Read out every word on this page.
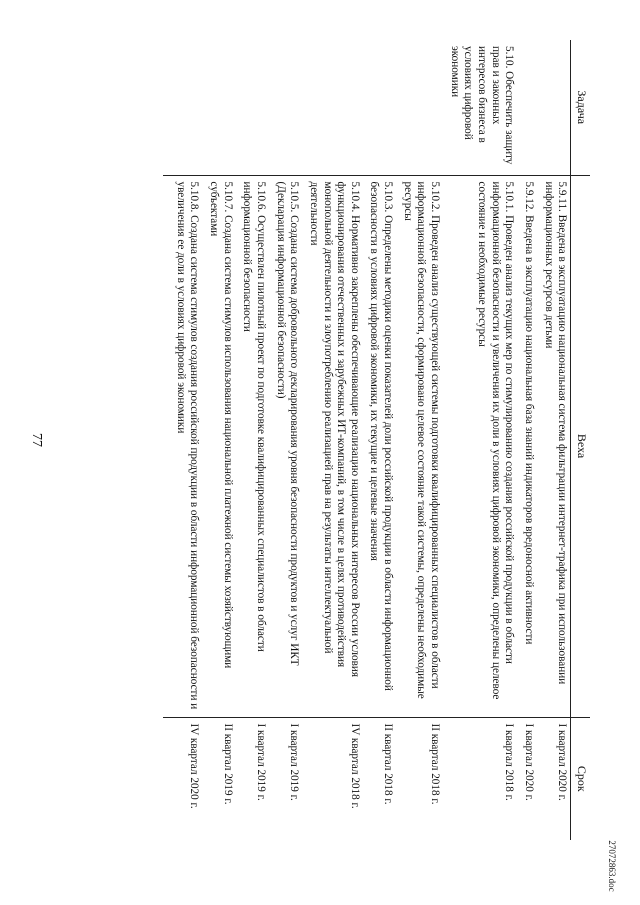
77
27072863.doc
Задача	Веха	Срок
	5.9.11. Введена в эксплуатацию национальная система фильтрации интернет-трафика при использовании информационных ресурсов детьми	I квартал 2020 г.
	5.9.12. Введена в эксплуатацию национальная база знаний индикаторов вредоносной активности	I квартал 2020 г.
5.10. Обеспечить защиту прав и законных интересов бизнеса в условиях цифровой экономики	5.10.1. Проведен анализ текущих мер по стимулированию создания российской продукции в области информационной безопасности и увеличения их доли в условиях цифровой экономики, определены целевое состояние и необходимые ресурсы	I квартал 2018 г.
	5.10.2. Проведен анализ существующей системы подготовки квалифицированных специалистов в области информационной безопасности, сформировано целевое состояние такой системы, определены необходимые ресурсы	II квартал 2018 г.
	5.10.3. Определены методики оценки показателей доли российской продукции в области информационной безопасности в условиях цифровой экономики, их текущие и целевые значения	II квартал 2018 г.
	5.10.4. Нормативно закреплены обеспечивающие реализацию национальных интересов России условия функционирования отечественных и зарубежных ИТ-компаний, в том числе в целях противодействия монопольной деятельности и злоупотреблению реализацией прав на результаты интеллектуальной деятельности	IV квартал 2018 г.
	5.10.5. Создана система добровольного декларирования уровня безопасности продуктов и услуг ИКТ (Декларация информационной безопасности)	I квартал 2019 г.
	5.10.6. Осуществлен пилотный проект по подготовке квалифицированных специалистов в области информационной безопасности	I квартал 2019 г.
	5.10.7. Создана система стимулов использования национальной платежной системы хозяйствующими субъектами	II квартал 2019 г.
	5.10.8. Создана система стимулов создания российской продукции в области информационной безопасности и увеличения ее доли в условиях цифровой экономики	IV квартал 2020 г.
